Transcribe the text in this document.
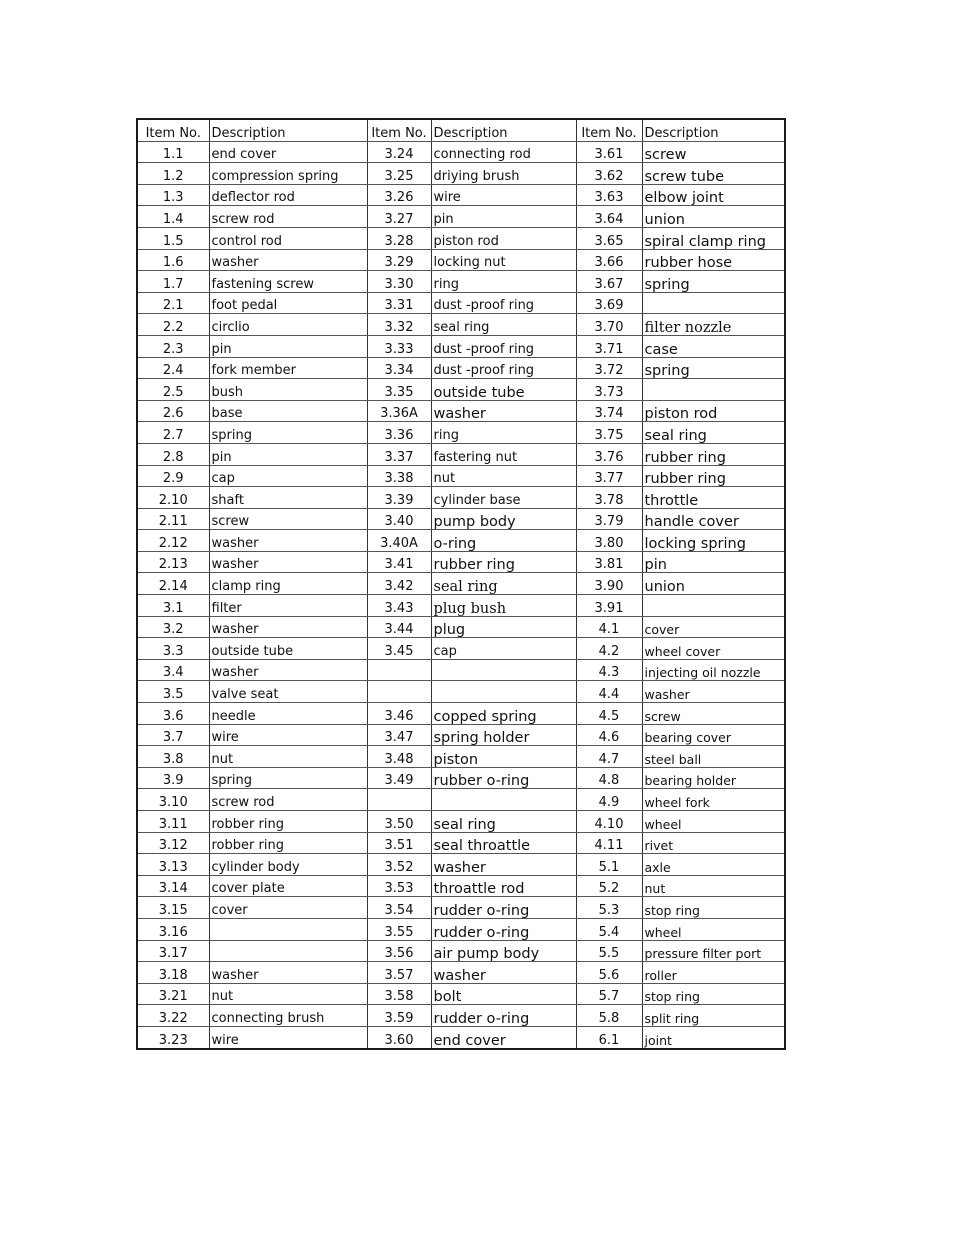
Item No.	Description	Item No.	Description	Item No.	Description
1.1	end cover	3.24	connecting rod	3.61	screw
1.2	compression spring	3.25	driying brush	3.62	screw tube
1.3	deflector rod	3.26	wire	3.63	elbow joint
1.4	screw rod	3.27	pin	3.64	union
1.5	control rod	3.28	piston rod	3.65	spiral clamp ring
1.6	washer	3.29	locking nut	3.66	rubber hose
1.7	fastening screw	3.30	ring	3.67	spring
2.1	foot pedal	3.31	dust -proof ring	3.69	
2.2	circlio	3.32	seal ring	3.70	filter nozzle
2.3	pin	3.33	dust -proof ring	3.71	case
2.4	fork member	3.34	dust -proof ring	3.72	spring
2.5	bush	3.35	outside tube	3.73	
2.6	base	3.36A	washer	3.74	piston rod
2.7	spring	3.36	ring	3.75	seal ring
2.8	pin	3.37	fastering nut	3.76	rubber ring
2.9	cap	3.38	nut	3.77	rubber ring
2.10	shaft	3.39	cylinder base	3.78	throttle
2.11	screw	3.40	pump body	3.79	handle cover
2.12	washer	3.40A	o-ring	3.80	locking spring
2.13	washer	3.41	rubber ring	3.81	pin
2.14	clamp ring	3.42	seal ring	3.90	union
3.1	filter	3.43	plug bush	3.91	
3.2	washer	3.44	plug	4.1	cover
3.3	outside tube	3.45	cap	4.2	wheel cover
3.4	washer			4.3	injecting oil nozzle
3.5	valve seat			4.4	washer
3.6	needle	3.46	copped spring	4.5	screw
3.7	wire	3.47	spring holder	4.6	bearing cover
3.8	nut	3.48	piston	4.7	steel ball
3.9	spring	3.49	rubber o-ring	4.8	bearing holder
3.10	screw rod			4.9	wheel fork
3.11	robber ring	3.50	seal ring	4.10	wheel
3.12	robber ring	3.51	seal throattle	4.11	rivet
3.13	cylinder body	3.52	washer	5.1	axle
3.14	cover plate	3.53	throattle rod	5.2	nut
3.15	cover	3.54	rudder o-ring	5.3	stop ring
3.16		3.55	rudder o-ring	5.4	wheel
3.17		3.56	air pump body	5.5	pressure filter port
3.18	washer	3.57	washer	5.6	roller
3.21	nut	3.58	bolt	5.7	stop ring
3.22	connecting brush	3.59	rudder o-ring	5.8	split ring
3.23	wire	3.60	end cover	6.1	joint
